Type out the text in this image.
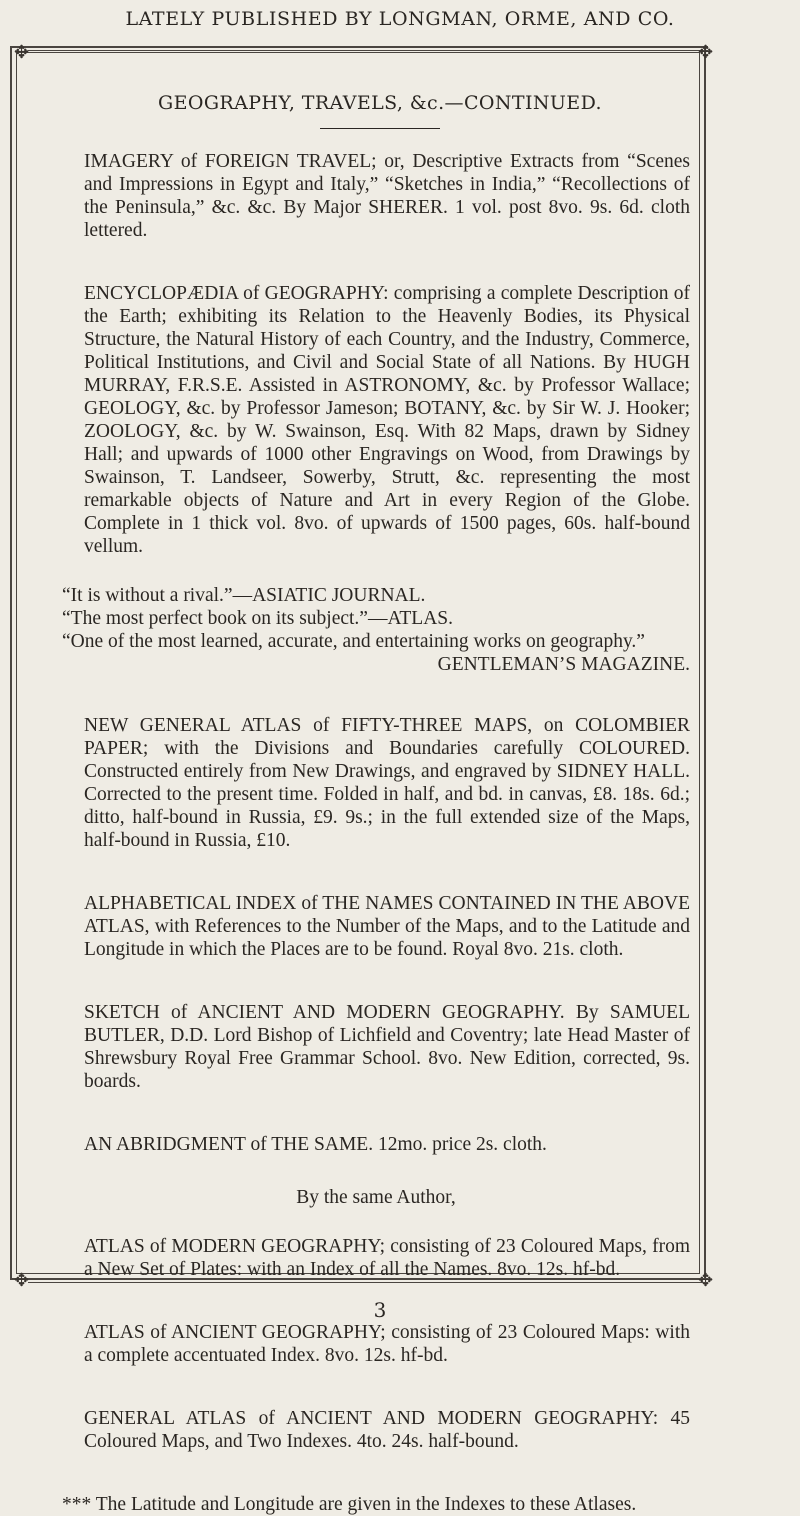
LATELY PUBLISHED BY LONGMAN, ORME, AND CO.
✥	✥
✥	✥
GEOGRAPHY, TRAVELS, &c.—CONTINUED.

IMAGERY of FOREIGN TRAVEL; or, Descriptive Extracts from “Scenes and Impressions in Egypt and Italy,” “Sketches in India,” “Recollections of the Peninsula,” &c. &c. By Major SHERER. 1 vol. post 8vo. 9s. 6d. cloth lettered.

ENCYCLOPÆDIA of GEOGRAPHY: comprising a complete Description of the Earth; exhibiting its Relation to the Heavenly Bodies, its Physical Structure, the Natural History of each Country, and the Industry, Commerce, Political Institutions, and Civil and Social State of all Nations. By HUGH MURRAY, F.R.S.E. Assisted in ASTRONOMY, &c. by Professor Wallace; GEOLOGY, &c. by Professor Jameson; BOTANY, &c. by Sir W. J. Hooker; ZOOLOGY, &c. by W. Swainson, Esq. With 82 Maps, drawn by Sidney Hall; and upwards of 1000 other Engravings on Wood, from Drawings by Swainson, T. Landseer, Sowerby, Strutt, &c. representing the most remarkable objects of Nature and Art in every Region of the Globe. Complete in 1 thick vol. 8vo. of upwards of 1500 pages, 60s. half-bound vellum.

“It is without a rival.”—ASIATIC JOURNAL.

“The most perfect book on its subject.”—ATLAS.

“One of the most learned, accurate, and entertaining works on geography.”

GENTLEMAN’S MAGAZINE.

NEW GENERAL ATLAS of FIFTY-THREE MAPS, on COLOMBIER PAPER; with the Divisions and Boundaries carefully COLOURED. Constructed entirely from New Drawings, and engraved by SIDNEY HALL. Corrected to the present time. Folded in half, and bd. in canvas, £8. 18s. 6d.; ditto, half-bound in Russia, £9. 9s.; in the full extended size of the Maps, half-bound in Russia, £10.

ALPHABETICAL INDEX of THE NAMES CONTAINED IN THE ABOVE ATLAS, with References to the Number of the Maps, and to the Latitude and Longitude in which the Places are to be found. Royal 8vo. 21s. cloth.

SKETCH of ANCIENT AND MODERN GEOGRAPHY. By SAMUEL BUTLER, D.D. Lord Bishop of Lichfield and Coventry; late Head Master of Shrewsbury Royal Free Grammar School. 8vo. New Edition, corrected, 9s. boards.

AN ABRIDGMENT of THE SAME. 12mo. price 2s. cloth.

By the same Author,

ATLAS of MODERN GEOGRAPHY; consisting of 23 Coloured Maps, from a New Set of Plates: with an Index of all the Names. 8vo. 12s. hf-bd.

ATLAS of ANCIENT GEOGRAPHY; consisting of 23 Coloured Maps: with a complete accentuated Index. 8vo. 12s. hf-bd.

GENERAL ATLAS of ANCIENT AND MODERN GEOGRAPHY: 45 Coloured Maps, and Two Indexes. 4to. 24s. half-bound.

*** The Latitude and Longitude are given in the Indexes to these Atlases.

3
